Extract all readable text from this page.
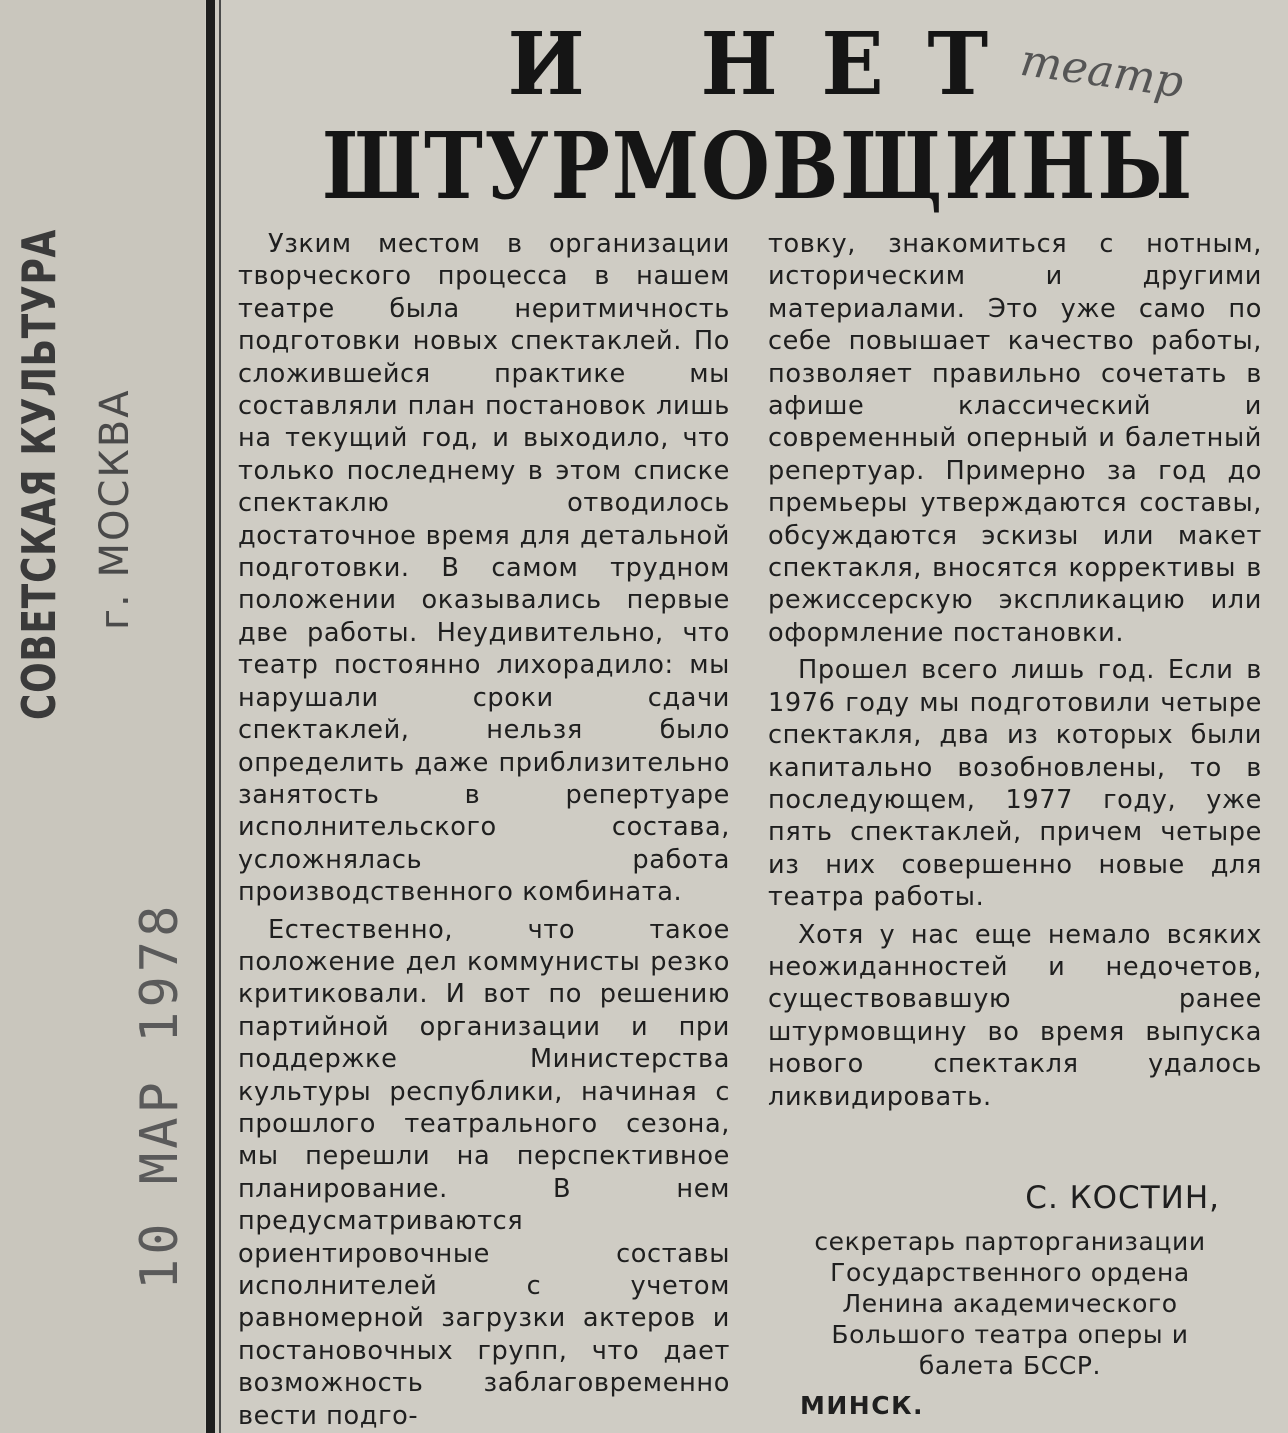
СОВЕТСКАЯ КУЛЬТУРА г. МОСКВА
10 МАР 1978
И НЕТ
ШТУРМОВЩИНЫ
театр

Узким местом в организации творческого процесса в нашем театре была неритмичность подготовки новых спектаклей. По сложившейся практике мы составляли план постановок лишь на текущий год, и выходило, что только последнему в этом списке спектаклю отводилось достаточное время для детальной подготовки. В самом трудном положении оказывались первые две работы. Неудивительно, что театр постоянно лихорадило: мы нарушали сроки сдачи спектаклей, нельзя было определить даже приблизительно занятость в репертуаре исполнительского состава, усложнялась работа производственного комбината.

Естественно, что такое положение дел коммунисты резко критиковали. И вот по решению партийной организации и при поддержке Министерства культуры республики, начиная с прошлого театрального сезона, мы перешли на перспективное планирование. В нем предусматриваются ориентировочные составы исполнителей с учетом равномерной загрузки актеров и постановочных групп, что дает возможность заблаговременно вести подго-

товку, знакомиться с нотным, историческим и другими материалами. Это уже само по себе повышает качество работы, позволяет правильно сочетать в афише классический и современный оперный и балетный репертуар. Примерно за год до премьеры утверждаются составы, обсуждаются эскизы или макет спектакля, вносятся коррективы в режиссерскую экспликацию или оформление постановки.

Прошел всего лишь год. Если в 1976 году мы подготовили четыре спектакля, два из которых были капитально возобновлены, то в последующем, 1977 году, уже пять спектаклей, причем четыре из них совершенно новые для театра работы.

Хотя у нас еще немало всяких неожиданностей и недочетов, существовавшую ранее штурмовщину во время выпуска нового спектакля удалось ликвидировать.

С. КОСТИН,

секретарь парторганизации Государственного ордена Ленина академического Большого театра оперы и балета БССР.

МИНСК.
